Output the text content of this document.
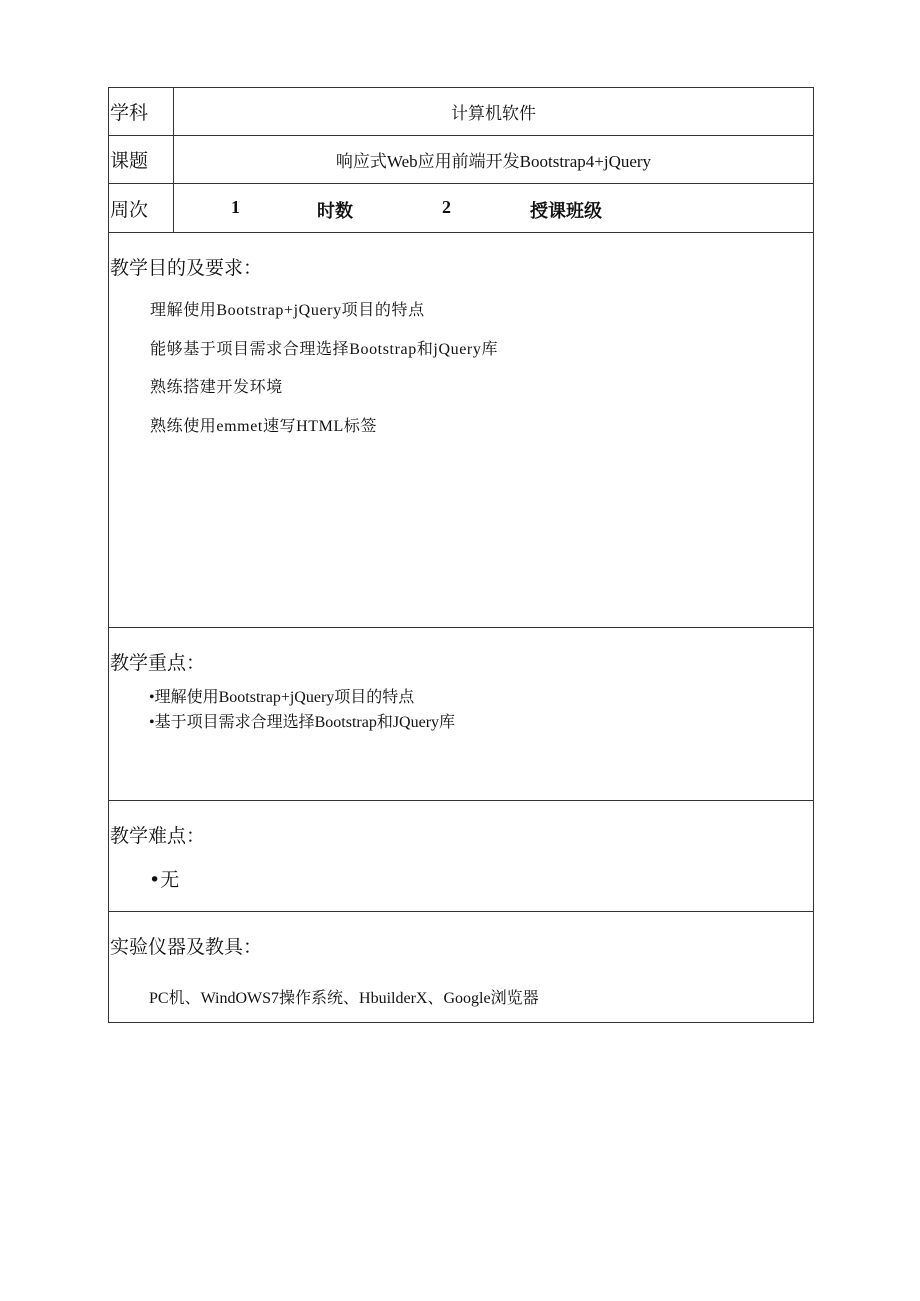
学科	计算机软件
课题	响应式Web应用前端开发Bootstrap4+jQuery
周次	1 时数 2 授课班级

教学目的及要求：
理解使用Bootstrap+jQuery项目的特点
能够基于项目需求合理选择Bootstrap和jQuery库
熟练搭建开发环境
熟练使用emmet速写HTML标签	

教学重点：
•理解使用Bootstrap+jQuery项目的特点
•基于项目需求合理选择Bootstrap和JQuery库	

教学难点：
•无	

实验仪器及教具：
PC机、WindOWS7操作系统、HbuilderX、Google浏览器	
